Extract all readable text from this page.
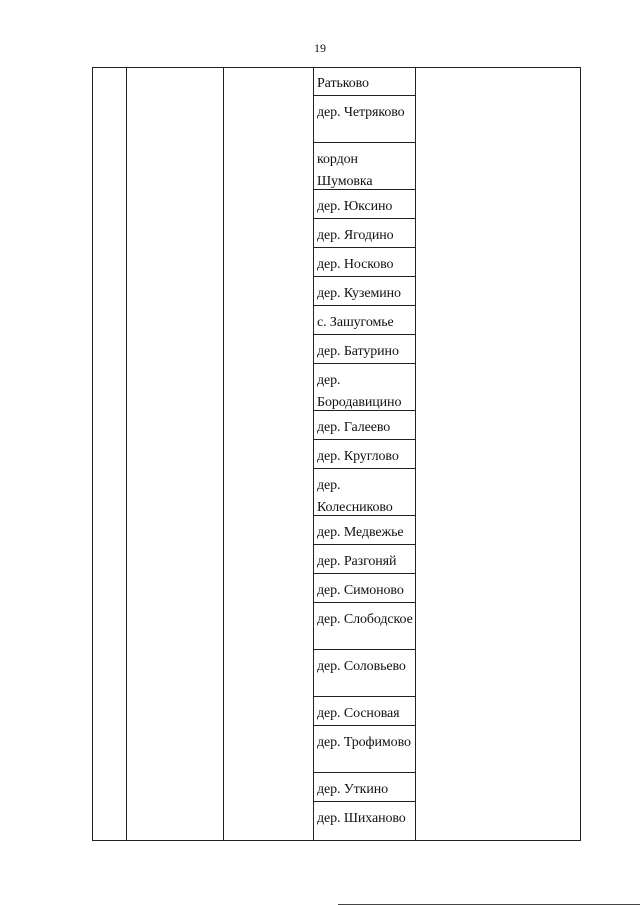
19
Ратьково
дер. Четряково
кордон Шумовка
дер. Юксино
дер. Ягодино
дер. Носково
дер. Куземино
с. Зашугомье
дер. Батурино
дер. Бородавицино
дер. Галеево
дер. Круглово
дер. Колесниково
дер. Медвежье
дер. Разгоняй
дер. Симоново
дер. Слободское
дер. Соловьево
дер. Сосновая
дер. Трофимово
дер. Уткино
дер. Шиханово
